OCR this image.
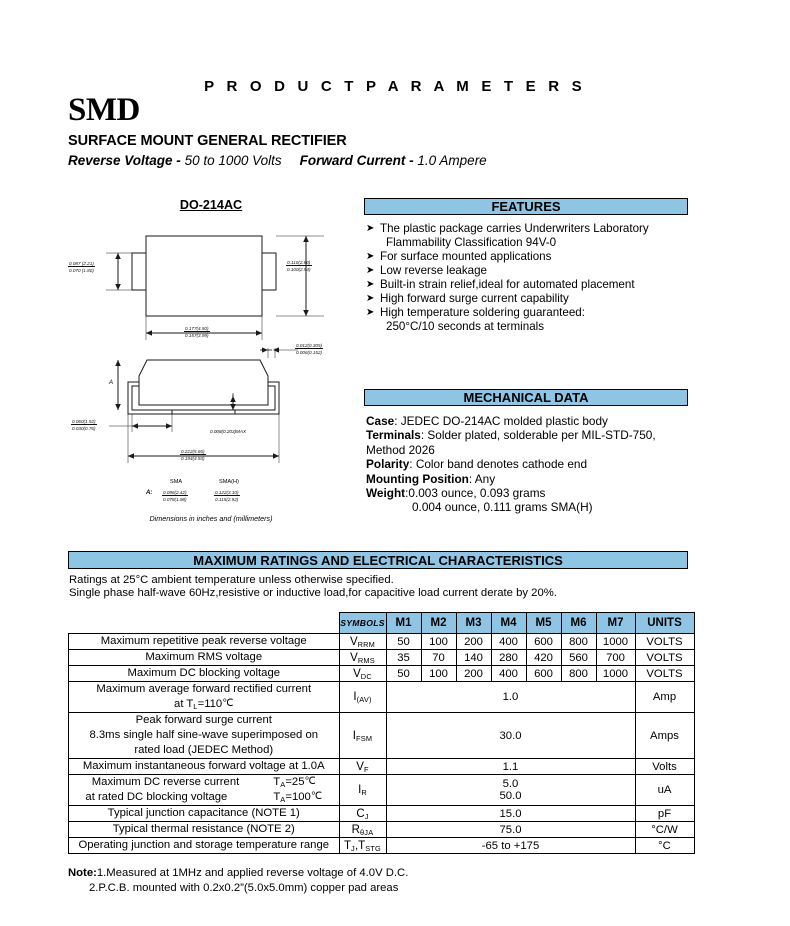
P R O D U C T P A R A M E T E R S
SMD
SURFACE MOUNT GENERAL RECTIFIER
Reverse Voltage - 50 to 1000 Volts Forward Current - 1.0 Ampere
DO-214AC
0.087 (2.21)
0.070 (1.80)
0.110(2.80)
0.100(2.54)
0.177(4.50)
0.157(3.99)
0.012(0.305)
0.006(0.152)
0.060(1.52)
0.030(0.76)
0.008(0.203)MAX
0.222(5.66)
0.194(4.93)
A
SMA	SMA(H)
A: 0.096(2.42)
0.078(1.98)
0.122(3.10)
0.115(2.92)
Dimensions in inches and (millimeters)
FEATURES
➤ The plastic package carries Underwriters Laboratory
Flammability Classification 94V-0
➤ For surface mounted applications
➤ Low reverse leakage
➤ Built-in strain relief,ideal for automated placement
➤ High forward surge current capability
➤ High temperature soldering guaranteed:
250°C/10 seconds at terminals
MECHANICAL DATA
Case: JEDEC DO-214AC molded plastic body
Terminals: Solder plated, solderable per MIL-STD-750,
Method 2026
Polarity: Color band denotes cathode end
Mounting Position: Any
Weight:0.003 ounce, 0.093 grams
0.004 ounce, 0.111 grams SMA(H)
MAXIMUM RATINGS AND ELECTRICAL CHARACTERISTICS
Ratings at 25°C ambient temperature unless otherwise specified.
Single phase half-wave 60Hz,resistive or inductive load,for capacitive load current derate by 20%.
	SYMBOLS	M1	M2	M3	M4	M5	M6	M7	UNITS
Maximum repetitive peak reverse voltage	$V_{RRM}$	50	100	200	400	600	800	1000	VOLTS
Maximum RMS voltage	$V_{RMS}$	35	70	140	280	420	560	700	VOLTS
Maximum DC blocking voltage	$V_{DC}$	50	100	200	400	600	800	1000	VOLTS
Maximum average forward rectified current
at $T_L=110℃$	$I_{(AV)}$	1.0							Amp
Peak forward surge current
8.3ms single half sine-wave superimposed on
rated load (JEDEC Method)	$I_{FSM}$	30.0							Amps
Maximum instantaneous forward voltage at 1.0A	$V_F$	1.1							Volts
Maximum DC reverse current $T_A=25℃$
at rated DC blocking voltage $T_A=100℃$	$I_R$	5.0
50.0							uA
Typical junction capacitance (NOTE 1)	$C_J$	15.0							pF
Typical thermal resistance (NOTE 2)	$R_{\theta JA}$	75.0							°C/W
Operating junction and storage temperature range	$T_J,T_{STG}$	-65 to +175							°C
Note:1.Measured at 1MHz and applied reverse voltage of 4.0V D.C.
2.P.C.B. mounted with 0.2x0.2”(5.0x5.0mm) copper pad areas
